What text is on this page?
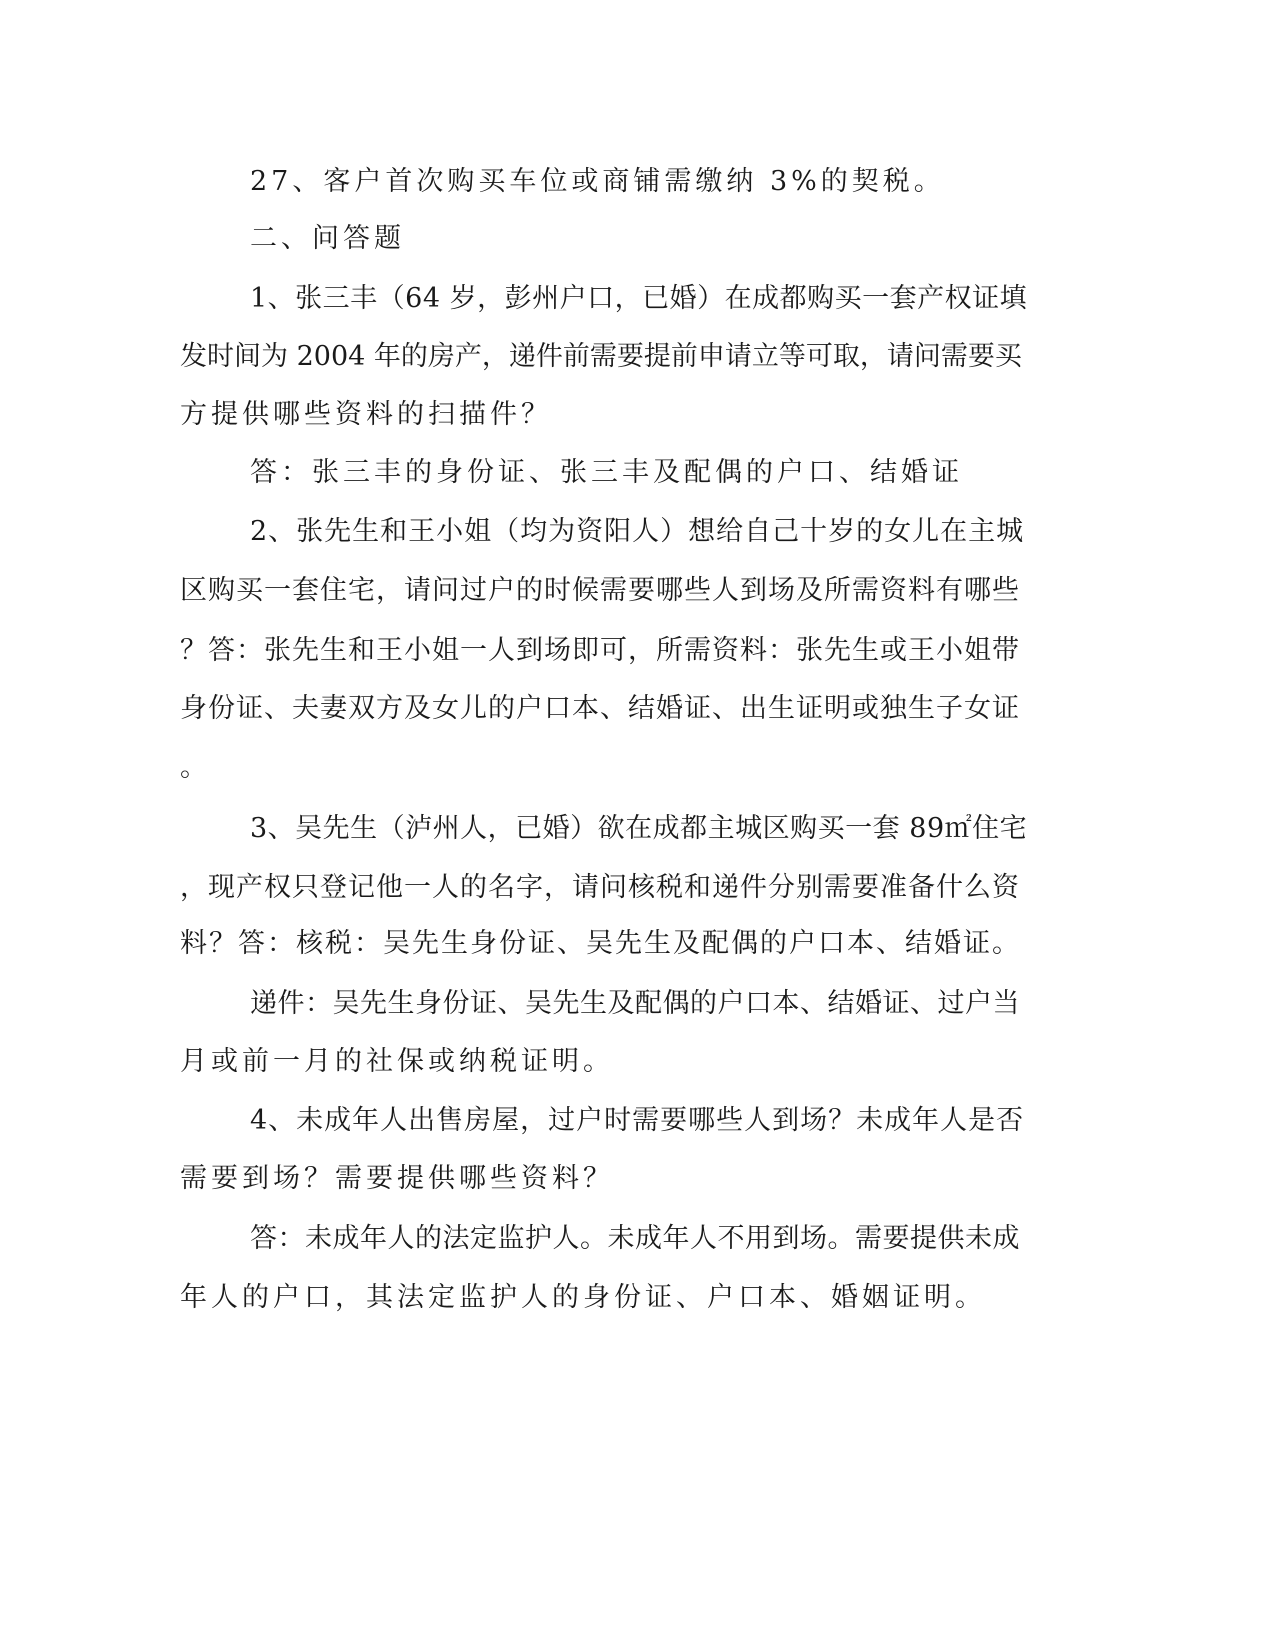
27、客户首次购买车位或商铺需缴纳 3%的契税。
二、问答题
1、张三丰（64 岁，彭州户口，已婚）在成都购买一套产权证填
发时间为 2004 年的房产，递件前需要提前申请立等可取，请问需要买
方提供哪些资料的扫描件？
答：张三丰的身份证、张三丰及配偶的户口、结婚证
2、张先生和王小姐（均为资阳人）想给自己十岁的女儿在主城
区购买一套住宅，请问过户的时候需要哪些人到场及所需资料有哪些
？答：张先生和王小姐一人到场即可，所需资料：张先生或王小姐带
身份证、夫妻双方及女儿的户口本、结婚证、出生证明或独生子女证
。
3、吴先生（泸州人，已婚）欲在成都主城区购买一套 89㎡住宅
，现产权只登记他一人的名字，请问核税和递件分别需要准备什么资
料？答：核税：吴先生身份证、吴先生及配偶的户口本、结婚证。
递件：吴先生身份证、吴先生及配偶的户口本、结婚证、过户当
月或前一月的社保或纳税证明。
4、未成年人出售房屋，过户时需要哪些人到场？未成年人是否
需要到场？需要提供哪些资料？
答：未成年人的法定监护人。未成年人不用到场。需要提供未成
年人的户口，其法定监护人的身份证、户口本、婚姻证明。
